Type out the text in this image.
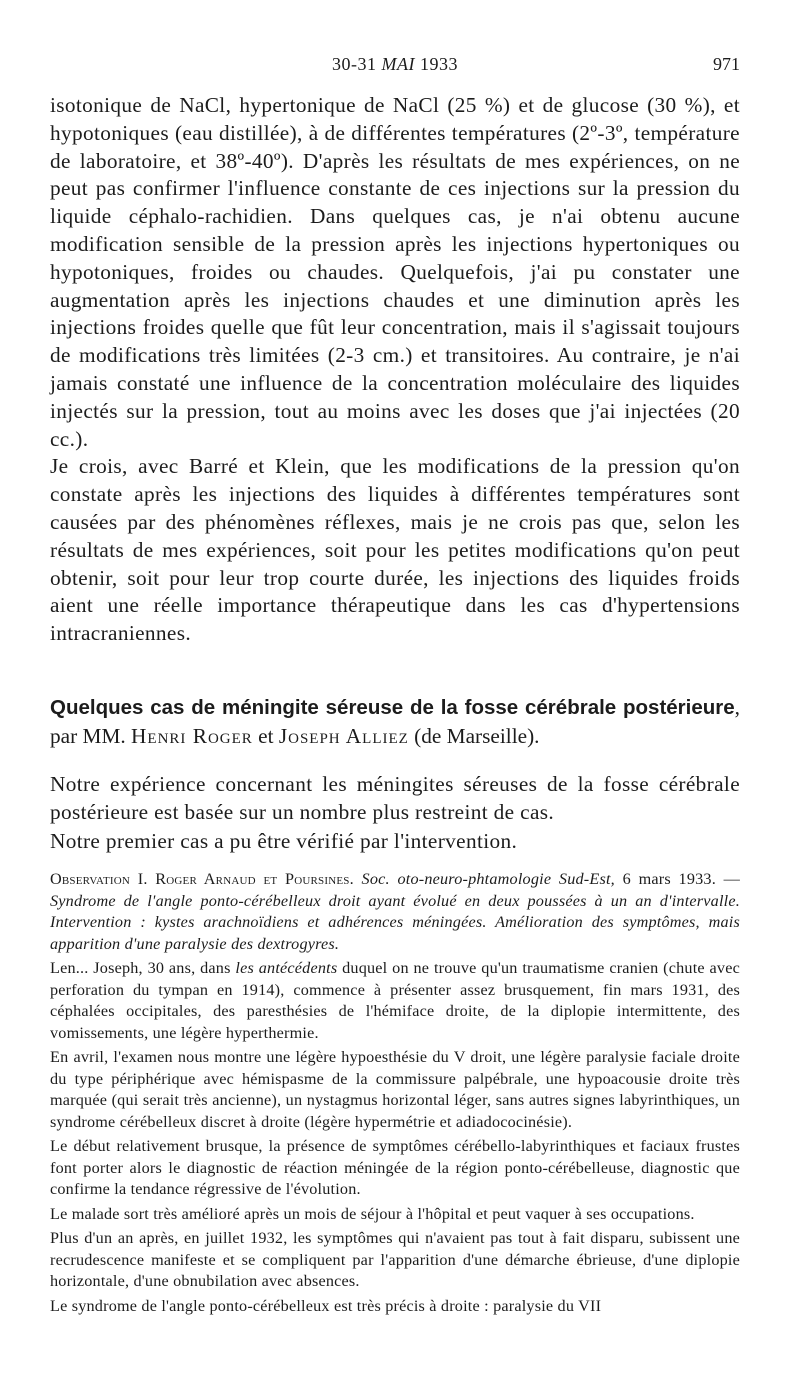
30-31 MAI 1933	971

isotonique de NaCl, hypertonique de NaCl (25 %) et de glucose (30 %), et hypotoniques (eau distillée), à de différentes températures (2º-3º, température de laboratoire, et 38º-40º). D'après les résultats de mes expériences, on ne peut pas confirmer l'influence constante de ces injections sur la pression du liquide céphalo-rachidien. Dans quelques cas, je n'ai obtenu aucune modification sensible de la pression après les injections hypertoniques ou hypotoniques, froides ou chaudes. Quelquefois, j'ai pu constater une augmentation après les injections chaudes et une diminution après les injections froides quelle que fût leur concentration, mais il s'agissait toujours de modifications très limitées (2-3 cm.) et transitoires. Au contraire, je n'ai jamais constaté une influence de la concentration moléculaire des liquides injectés sur la pression, tout au moins avec les doses que j'ai injectées (20 cc.).

Je crois, avec Barré et Klein, que les modifications de la pression qu'on constate après les injections des liquides à différentes températures sont causées par des phénomènes réflexes, mais je ne crois pas que, selon les résultats de mes expériences, soit pour les petites modifications qu'on peut obtenir, soit pour leur trop courte durée, les injections des liquides froids aient une réelle importance thérapeutique dans les cas d'hypertensions intracraniennes.

Quelques cas de méningite séreuse de la fosse cérébrale postérieure, par MM. Henri Roger et Joseph Alliez (de Marseille).

Notre expérience concernant les méningites séreuses de la fosse cérébrale postérieure est basée sur un nombre plus restreint de cas.

Notre premier cas a pu être vérifié par l'intervention.

Observation I. Roger Arnaud et Poursines. Soc. oto-neuro-phtamologie Sud-Est, 6 mars 1933. — Syndrome de l'angle ponto-cérébelleux droit ayant évolué en deux poussées à un an d'intervalle. Intervention : kystes arachnoïdiens et adhérences méningées. Amélioration des symptômes, mais apparition d'une paralysie des dextrogyres.

Len... Joseph, 30 ans, dans les antécédents duquel on ne trouve qu'un traumatisme cranien (chute avec perforation du tympan en 1914), commence à présenter assez brusquement, fin mars 1931, des céphalées occipitales, des paresthésies de l'hémiface droite, de la diplopie intermittente, des vomissements, une légère hyperthermie.

En avril, l'examen nous montre une légère hypoesthésie du V droit, une légère paralysie faciale droite du type périphérique avec hémispasme de la commissure palpébrale, une hypoacousie droite très marquée (qui serait très ancienne), un nystagmus horizontal léger, sans autres signes labyrinthiques, un syndrome cérébelleux discret à droite (légère hypermétrie et adiadococinésie).

Le début relativement brusque, la présence de symptômes cérébello-labyrinthiques et faciaux frustes font porter alors le diagnostic de réaction méningée de la région ponto-cérébelleuse, diagnostic que confirme la tendance régressive de l'évolution.

Le malade sort très amélioré après un mois de séjour à l'hôpital et peut vaquer à ses occupations.

Plus d'un an après, en juillet 1932, les symptômes qui n'avaient pas tout à fait disparu, subissent une recrudescence manifeste et se compliquent par l'apparition d'une démarche ébrieuse, d'une diplopie horizontale, d'une obnubilation avec absences.

Le syndrome de l'angle ponto-cérébelleux est très précis à droite : paralysie du VII
